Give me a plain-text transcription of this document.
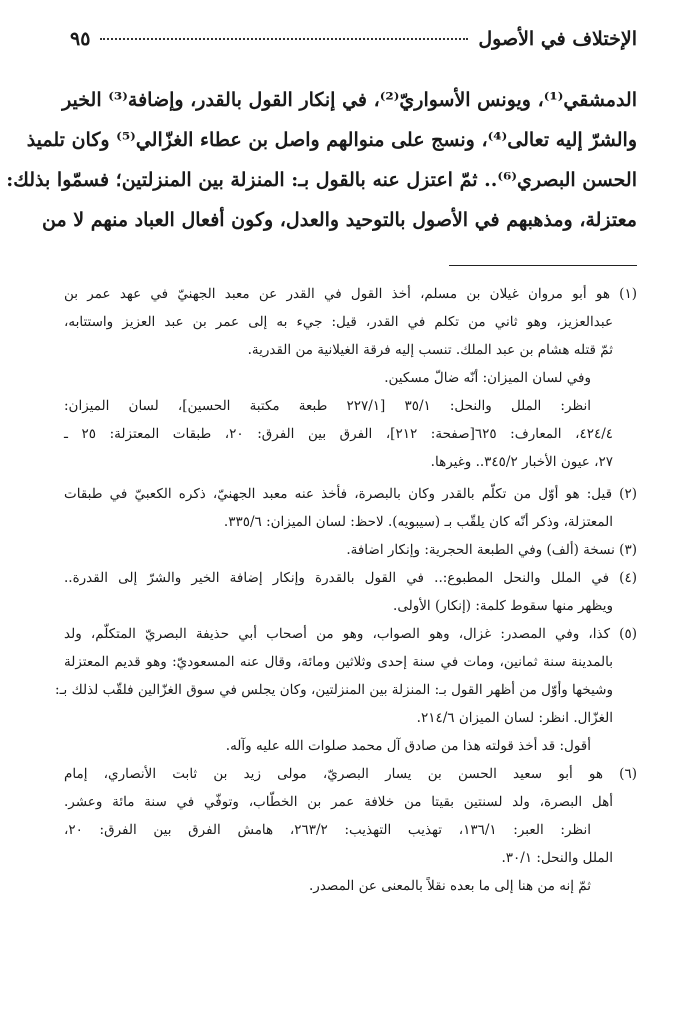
الإختلاف في الأصول
٩٥
الدمشقي⁽¹⁾، ويونس الأسواريّ⁽²⁾، في إنكار القول بالقدر، وإضافة⁽³⁾ الخير
والشرّ إليه تعالى⁽⁴⁾، ونسج على منوالهم واصل بن عطاء الغزّالي⁽⁵⁾ وكان تلميذ
الحسن البصري⁽⁶⁾.. ثمّ اعتزل عنه بالقول بـ: المنزلة بين المنزلتين؛ فسمّوا بذلك:
معتزلة، ومذهبهم في الأصول بالتوحيد والعدل، وكون أفعال العباد منهم لا من
(١) هو أبو مروان غيلان بن مسلم، أخذ القول في القدر عن معبد الجهنيّ في عهد عمر بن
عبدالعزيز، وهو ثاني من تكلم في القدر، قيل: جيء به إلى عمر بن عبد العزيز واستتابه،
ثمّ قتله هشام بن عبد الملك. تنسب إليه فرقة الغيلانية من القدرية.
وفي لسان الميزان: أنّه ضالّ مسكين.
انظر: الملل والنحل: ٣٥/١ [٢٢٧/١ طبعة مكتبة الحسين]، لسان الميزان:
٤٢٤/٤، المعارف: ٦٢٥[صفحة: ٢١٢]، الفرق بين الفرق: ٢٠، طبقات المعتزلة: ٢٥ ـ
٢٧، عيون الأخبار ٣٤٥/٢.. وغيرها.
(٢) قيل: هو أوّل من تكلّم بالقدر وكان بالبصرة، فأخذ عنه معبد الجهنيّ، ذكره الكعبيّ في طبقات
المعتزلة، وذكر أنّه كان يلقّب بـ (سيبويه). لاحظ: لسان الميزان: ٣٣٥/٦.
(٣) نسخة (ألف) وفي الطبعة الحجرية: وإنكار اضافة.
(٤) في الملل والنحل المطبوع:.. في القول بالقدرة وإنكار إضافة الخير والشرّ إلى القدرة..
ويظهر منها سقوط كلمة: (إنكار) الأولى.
(٥) كذا، وفي المصدر: غزال، وهو الصواب، وهو من أصحاب أبي حذيفة البصريّ المتكلّم، ولد
بالمدينة سنة ثمانين، ومات في سنة إحدى وثلاثين ومائة، وقال عنه المسعوديّ: وهو قديم المعتزلة
وشيخها وأوّل من أظهر القول بـ: المنزلة بين المنزلتين، وكان يجلس في سوق الغزّالين فلقّب لذلك بـ:
الغزّال. انظر: لسان الميزان ٢١٤/٦.
أقول: قد أخذ قولته هذا من صادق آل محمد صلوات الله عليه وآله.
(٦) هو أبو سعيد الحسن بن يسار البصريّ، مولى زيد بن ثابت الأنصاري، إمام
أهل البصرة، ولد لسنتين بقيتا من خلافة عمر بن الخطّاب، وتوفّي في سنة مائة وعشر.
انظر: العبر: ١٣٦/١، تهذيب التهذيب: ٢٦٣/٢، هامش الفرق بين الفرق: ٢٠،
الملل والنحل: ٣٠/١.
ثمّ إنه من هنا إلى ما بعده نقلاً بالمعنى عن المصدر.
